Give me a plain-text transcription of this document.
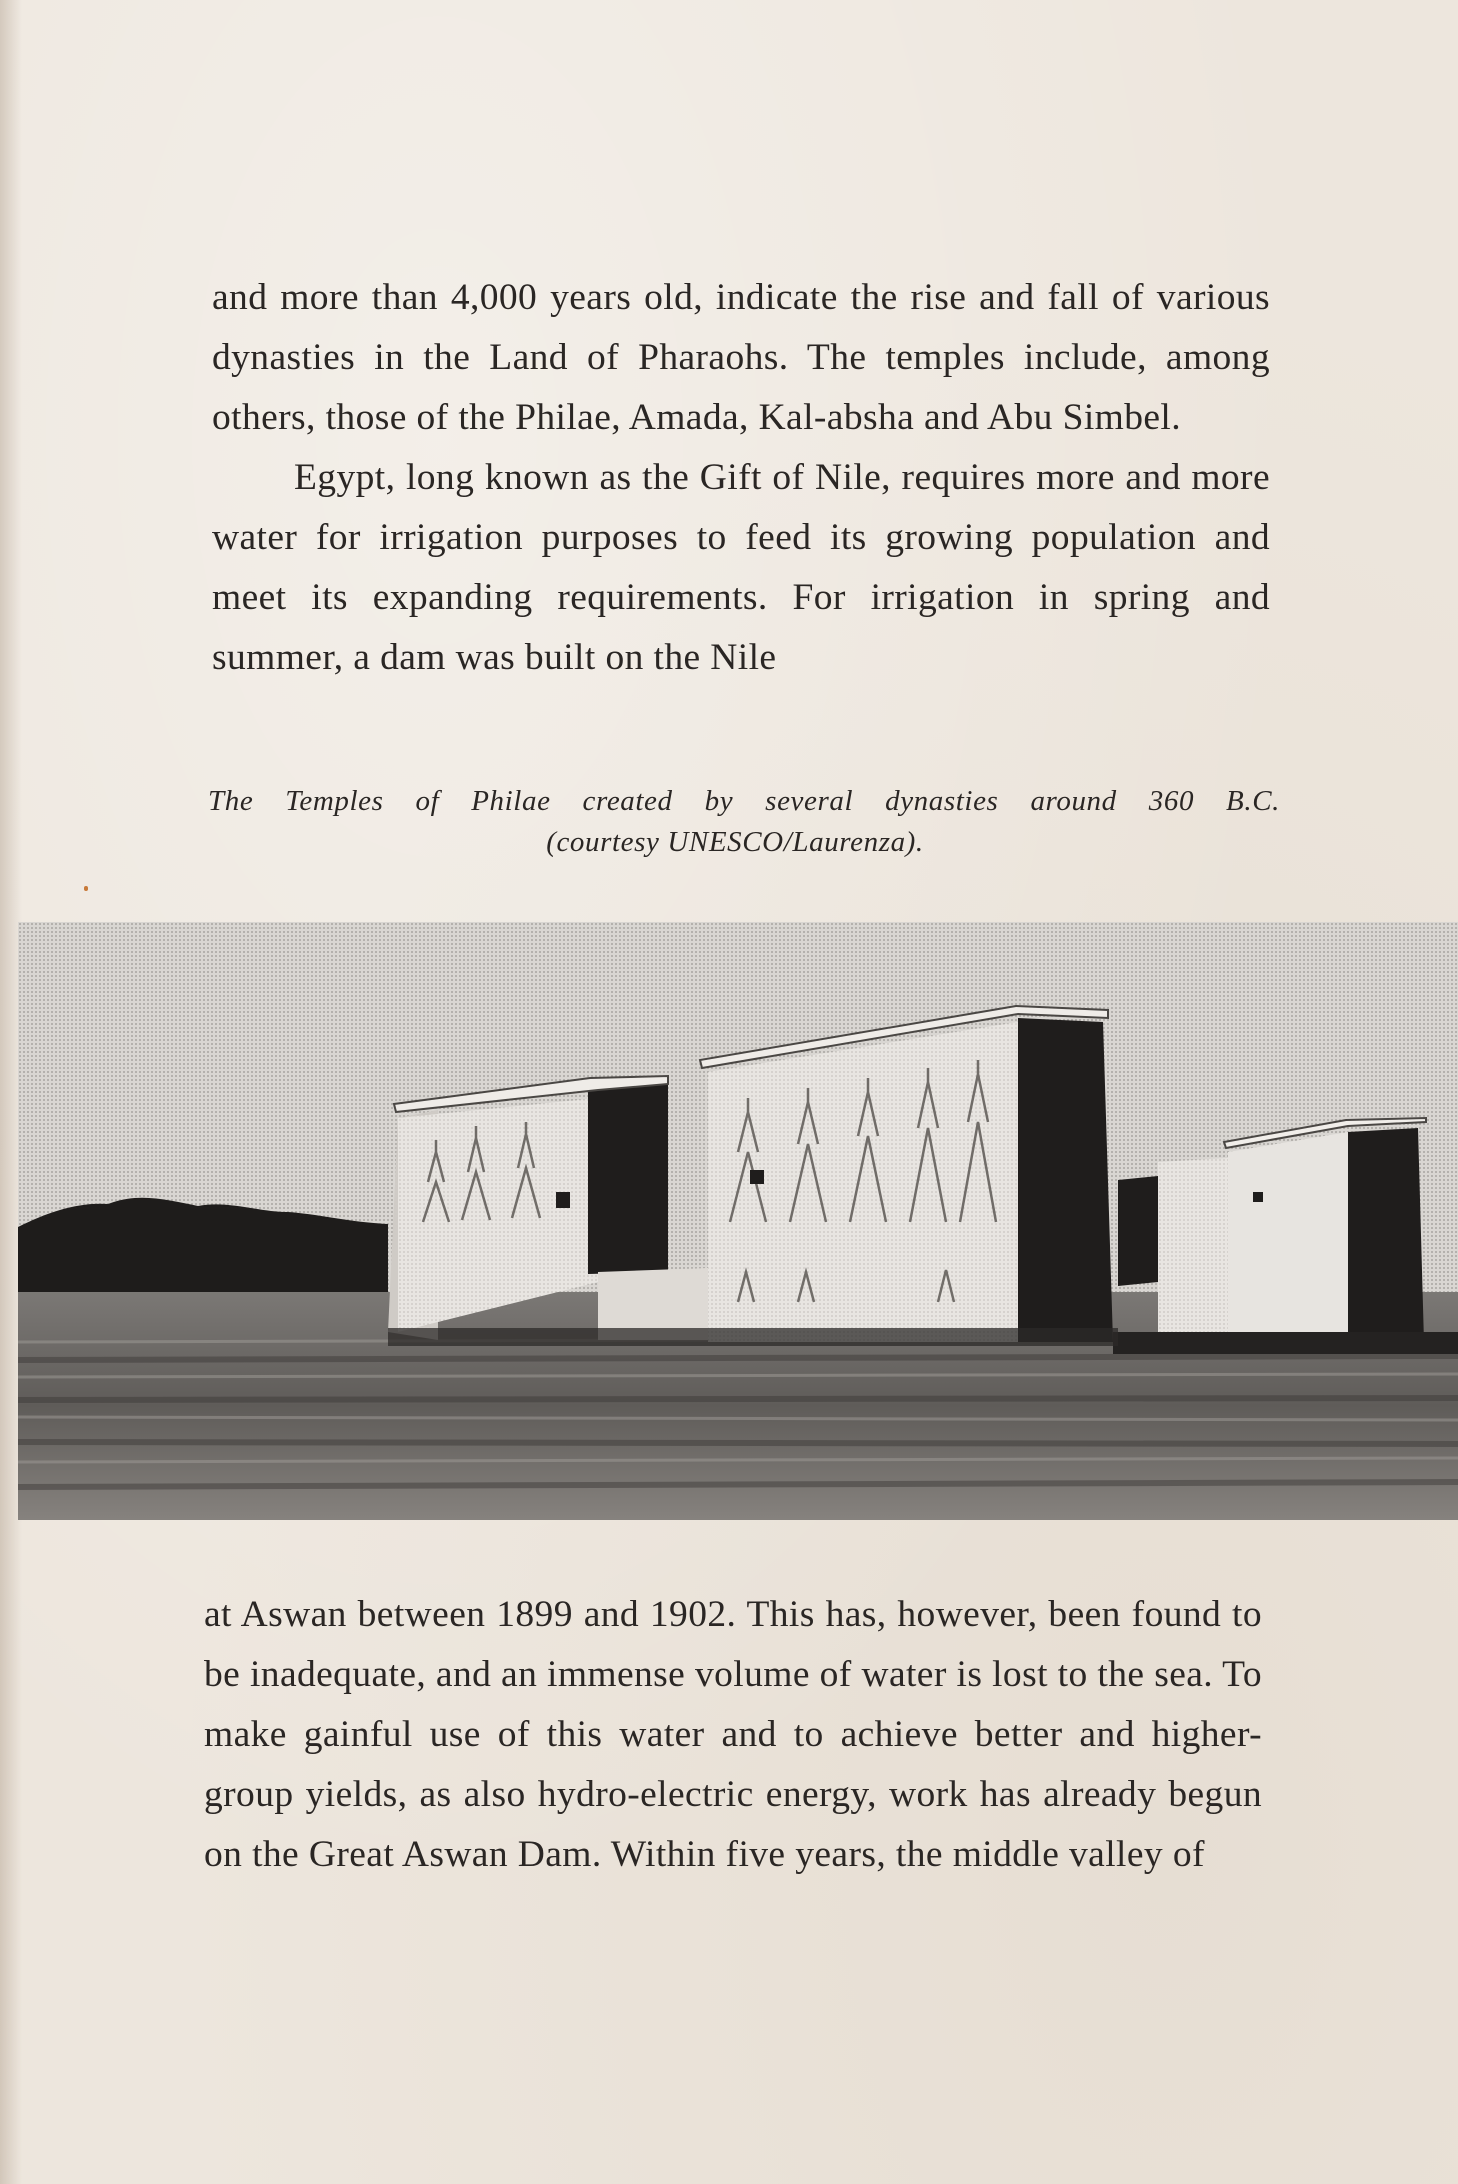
and more than 4,000 years old, indicate the rise and fall of various dynasties in the Land of Pharaohs. The temples include, among others, those of the Philae, Amada, Kal-absha and Abu Simbel.

Egypt, long known as the Gift of Nile, requires more and more water for irrigation purposes to feed its growing population and meet its expanding requirements. For irrigation in spring and summer, a dam was built on the Nile

The Temples of Philae created by several dynasties around 360 B.C.
(courtesy UNESCO/Laurenza).

at Aswan between 1899 and 1902. This has, however, been found to be inadequate, and an immense volume of water is lost to the sea. To make gainful use of this water and to achieve better and higher-group yields, as also hydro-electric energy, work has already begun on the Great Aswan Dam. Within five years, the middle valley of
